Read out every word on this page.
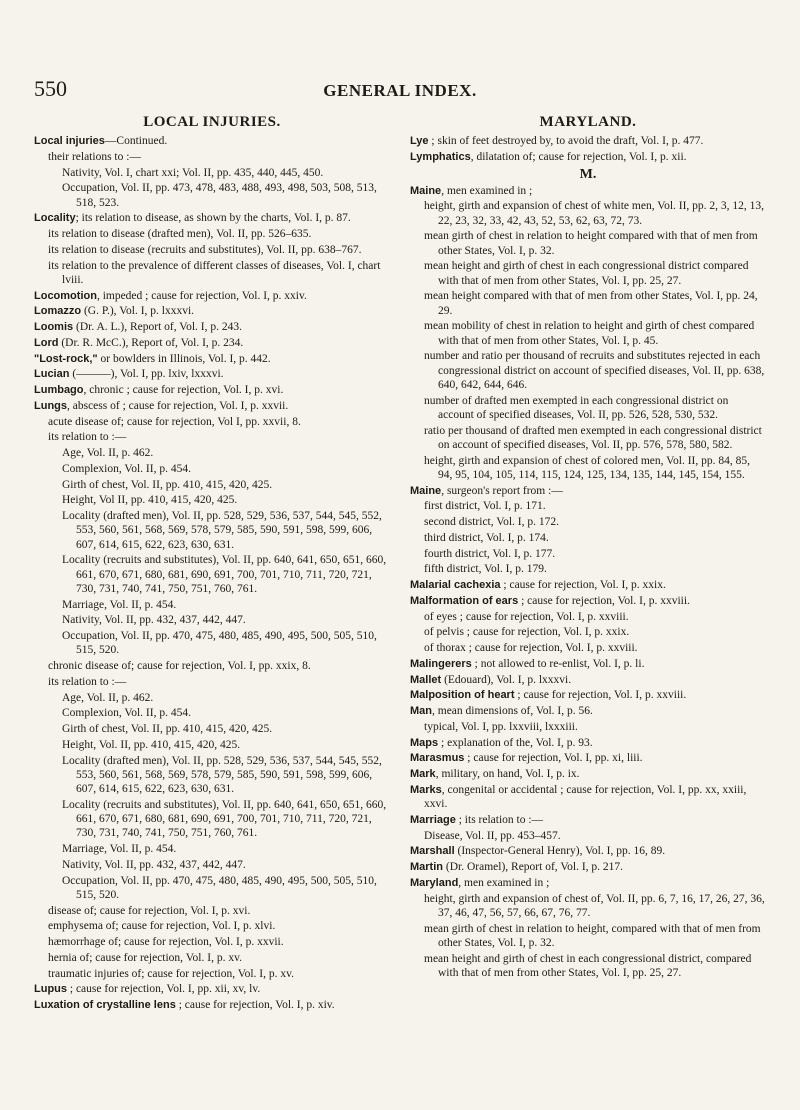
550	GENERAL INDEX.
LOCAL INJURIES.
Local injuries—Continued.
their relations to :—
Nativity, Vol. I, chart xxi; Vol. II, pp. 435, 440, 445, 450.
Occupation, Vol. II, pp. 473, 478, 483, 488, 493, 498, 503, 508, 513, 518, 523.
Locality; its relation to disease, as shown by the charts, Vol. I, p. 87.
its relation to disease (drafted men), Vol. II, pp. 526–635.
its relation to disease (recruits and substitutes), Vol. II, pp. 638–767.
its relation to the prevalence of different classes of diseases, Vol. I, chart lviii.
Locomotion, impeded ; cause for rejection, Vol. I, p. xxiv.
Lomazzo (G. P.), Vol. I, p. lxxxvi.
Loomis (Dr. A. L.), Report of, Vol. I, p. 243.
Lord (Dr. R. McC.), Report of, Vol. I, p. 234.
"Lost-rock," or bowlders in Illinois, Vol. I, p. 442.
Lucian (———), Vol. I, pp. lxiv, lxxxvi.
Lumbago, chronic ; cause for rejection, Vol. I, p. xvi.
Lungs, abscess of ; cause for rejection, Vol. I, p. xxvii.
acute disease of; cause for rejection, Vol I, pp. xxvii, 8.
its relation to :—
Age, Vol. II, p. 462.
Complexion, Vol. II, p. 454.
Girth of chest, Vol. II, pp. 410, 415, 420, 425.
Height, Vol II, pp. 410, 415, 420, 425.
Locality (drafted men), Vol. II, pp. 528, 529, 536, 537, 544, 545, 552, 553, 560, 561, 568, 569, 578, 579, 585, 590, 591, 598, 599, 606, 607, 614, 615, 622, 623, 630, 631.
Locality (recruits and substitutes), Vol. II, pp. 640, 641, 650, 651, 660, 661, 670, 671, 680, 681, 690, 691, 700, 701, 710, 711, 720, 721, 730, 731, 740, 741, 750, 751, 760, 761.
Marriage, Vol. II, p. 454.
Nativity, Vol. II, pp. 432, 437, 442, 447.
Occupation, Vol. II, pp. 470, 475, 480, 485, 490, 495, 500, 505, 510, 515, 520.
chronic disease of; cause for rejection, Vol. I, pp. xxix, 8.
its relation to :—
Age, Vol. II, p. 462.
Complexion, Vol. II, p. 454.
Girth of chest, Vol. II, pp. 410, 415, 420, 425.
Height, Vol. II, pp. 410, 415, 420, 425.
Locality (drafted men), Vol. II, pp. 528, 529, 536, 537, 544, 545, 552, 553, 560, 561, 568, 569, 578, 579, 585, 590, 591, 598, 599, 606, 607, 614, 615, 622, 623, 630, 631.
Locality (recruits and substitutes), Vol. II, pp. 640, 641, 650, 651, 660, 661, 670, 671, 680, 681, 690, 691, 700, 701, 710, 711, 720, 721, 730, 731, 740, 741, 750, 751, 760, 761.
Marriage, Vol. II, p. 454.
Nativity, Vol. II, pp. 432, 437, 442, 447.
Occupation, Vol. II, pp. 470, 475, 480, 485, 490, 495, 500, 505, 510, 515, 520.
disease of; cause for rejection, Vol. I, p. xvi.
emphysema of; cause for rejection, Vol. I, p. xlvi.
hæmorrhage of; cause for rejection, Vol. I, p. xxvii.
hernia of; cause for rejection, Vol. I, p. xv.
traumatic injuries of; cause for rejection, Vol. I, p. xv.
Lupus ; cause for rejection, Vol. I, pp. xii, xv, lv.
Luxation of crystalline lens ; cause for rejection, Vol. I, p. xiv.
MARYLAND.
Lye ; skin of feet destroyed by, to avoid the draft, Vol. I, p. 477.
Lymphatics, dilatation of; cause for rejection, Vol. I, p. xii.
M.
Maine, men examined in ;
height, girth and expansion of chest of white men, Vol. II, pp. 2, 3, 12, 13, 22, 23, 32, 33, 42, 43, 52, 53, 62, 63, 72, 73.
mean girth of chest in relation to height compared with that of men from other States, Vol. I, p. 32.
mean height and girth of chest in each congressional district compared with that of men from other States, Vol. I, pp. 25, 27.
mean height compared with that of men from other States, Vol. I, pp. 24, 29.
mean mobility of chest in relation to height and girth of chest compared with that of men from other States, Vol. I, p. 45.
number and ratio per thousand of recruits and substitutes rejected in each congressional district on account of specified diseases, Vol. II, pp. 638, 640, 642, 644, 646.
number of drafted men exempted in each congressional district on account of specified diseases, Vol. II, pp. 526, 528, 530, 532.
ratio per thousand of drafted men exempted in each congressional district on account of specified diseases, Vol. II, pp. 576, 578, 580, 582.
height, girth and expansion of chest of colored men, Vol. II, pp. 84, 85, 94, 95, 104, 105, 114, 115, 124, 125, 134, 135, 144, 145, 154, 155.
Maine, surgeon's report from :—
first district, Vol. I, p. 171.
second district, Vol. I, p. 172.
third district, Vol. I, p. 174.
fourth district, Vol. I, p. 177.
fifth district, Vol. I, p. 179.
Malarial cachexia ; cause for rejection, Vol. I, p. xxix.
Malformation of ears ; cause for rejection, Vol. I, p. xxviii.
of eyes ; cause for rejection, Vol. I, p. xxviii.
of pelvis ; cause for rejection, Vol. I, p. xxix.
of thorax ; cause for rejection, Vol. I, p. xxviii.
Malingerers ; not allowed to re-enlist, Vol. I, p. li.
Mallet (Edouard), Vol. I, p. lxxxvi.
Malposition of heart ; cause for rejection, Vol. I, p. xxviii.
Man, mean dimensions of, Vol. I, p. 56.
typical, Vol. I, pp. lxxviii, lxxxiii.
Maps ; explanation of the, Vol. I, p. 93.
Marasmus ; cause for rejection, Vol. I, pp. xi, liii.
Mark, military, on hand, Vol. I, p. ix.
Marks, congenital or accidental ; cause for rejection, Vol. I, pp. xx, xxiii, xxvi.
Marriage ; its relation to :—
Disease, Vol. II, pp. 453–457.
Marshall (Inspector-General Henry), Vol. I, pp. 16, 89.
Martin (Dr. Oramel), Report of, Vol. I, p. 217.
Maryland, men examined in ;
height, girth and expansion of chest of, Vol. II, pp. 6, 7, 16, 17, 26, 27, 36, 37, 46, 47, 56, 57, 66, 67, 76, 77.
mean girth of chest in relation to height, compared with that of men from other States, Vol. I, p. 32.
mean height and girth of chest in each congressional district, compared with that of men from other States, Vol. I, pp. 25, 27.
